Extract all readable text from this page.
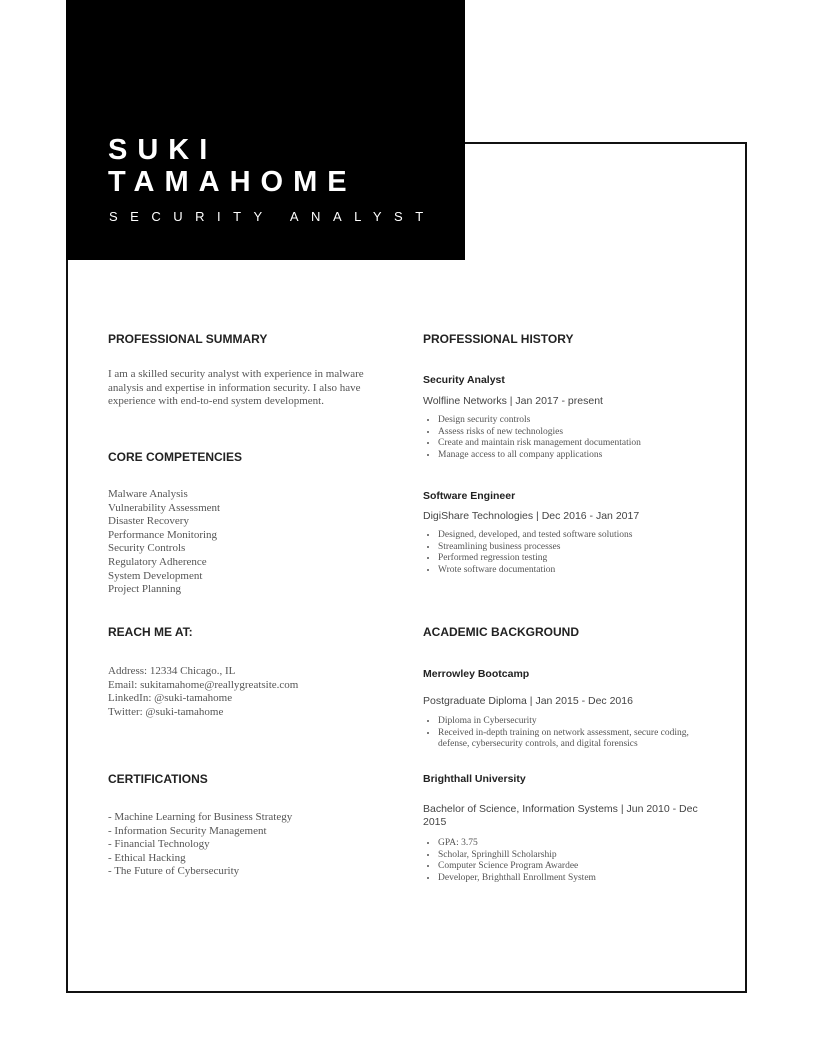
SUKI
TAMAHOME
SECURITY ANALYST
PROFESSIONAL SUMMARY
I am a skilled security analyst with experience in malware analysis and expertise in information security. I also have experience with end-to-end system development.
CORE COMPETENCIES
Malware Analysis
Vulnerability Assessment
Disaster Recovery
Performance Monitoring
Security Controls
Regulatory Adherence
System Development
Project Planning
REACH ME AT:
Address: 12334 Chicago., IL
Email: sukitamahome@reallygreatsite.com
LinkedIn: @suki-tamahome
Twitter: @suki-tamahome
CERTIFICATIONS
- Machine Learning for Business Strategy
- Information Security Management
- Financial Technology
- Ethical Hacking
- The Future of Cybersecurity
PROFESSIONAL HISTORY
Security Analyst
Wolfline Networks | Jan 2017 - present
• Design security controls
• Assess risks of new technologies
• Create and maintain risk management documentation
• Manage access to all company applications
Software Engineer
DigiShare Technologies | Dec 2016 - Jan 2017
• Designed, developed, and tested software solutions
• Streamlining business processes
• Performed regression testing
• Wrote software documentation
ACADEMIC BACKGROUND
Merrowley Bootcamp
Postgraduate Diploma | Jan 2015 - Dec 2016
• Diploma in Cybersecurity
• Received in-depth training on network assessment, secure coding, defense, cybersecurity controls, and digital forensics
Brighthall University
Bachelor of Science, Information Systems | Jun 2010 - Dec 2015
• GPA: 3.75
• Scholar, Springhill Scholarship
• Computer Science Program Awardee
• Developer, Brighthall Enrollment System
